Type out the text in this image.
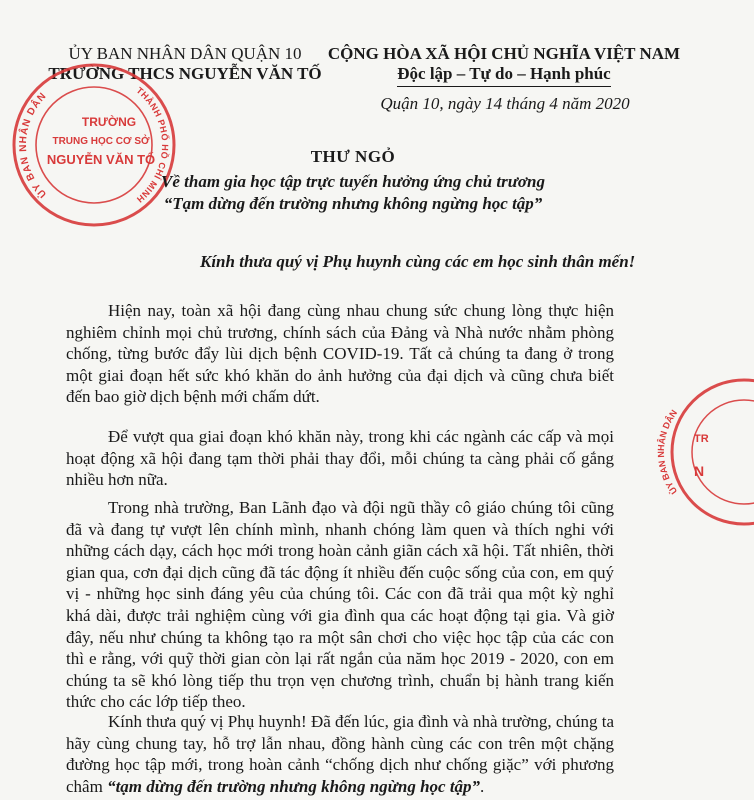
ỦY BAN NHÂN DÂN QUẬN 10
TRƯỜNG THCS NGUYỄN VĂN TỐ
CỘNG HÒA XÃ HỘI CHỦ NGHĨA VIỆT NAM
Độc lập – Tự do – Hạnh phúc
Quận 10, ngày 14 tháng 4 năm 2020
ỦY BAN NHÂN DÂN	THÀNH PHỐ HỒ CHÍ MINH
TRƯỜNG
TRUNG HỌC CƠ SỞ
NGUYỄN VĂN TỐ
ỦY BAN NHÂN DÂN
TR
N
THƯ NGỎ
Về tham gia học tập trực tuyến hưởng ứng chủ trương
“Tạm dừng đến trường nhưng không ngừng học tập”
Kính thưa quý vị Phụ huynh cùng các em học sinh thân mến!

Hiện nay, toàn xã hội đang cùng nhau chung sức chung lòng thực hiện nghiêm chỉnh mọi chủ trương, chính sách của Đảng và Nhà nước nhằm phòng chống, từng bước đẩy lùi dịch bệnh COVID-19. Tất cả chúng ta đang ở trong một giai đoạn hết sức khó khăn do ảnh hưởng của đại dịch và cũng chưa biết đến bao giờ dịch bệnh mới chấm dứt.

Để vượt qua giai đoạn khó khăn này, trong khi các ngành các cấp và mọi hoạt động xã hội đang tạm thời phải thay đổi, mỗi chúng ta càng phải cố gắng nhiều hơn nữa.

Trong nhà trường, Ban Lãnh đạo và đội ngũ thầy cô giáo chúng tôi cũng đã và đang tự vượt lên chính mình, nhanh chóng làm quen và thích nghi với những cách dạy, cách học mới trong hoàn cảnh giãn cách xã hội. Tất nhiên, thời gian qua, cơn đại dịch cũng đã tác động ít nhiều đến cuộc sống của con, em quý vị - những học sinh đáng yêu của chúng tôi. Các con đã trải qua một kỳ nghỉ khá dài, được trải nghiệm cùng với gia đình qua các hoạt động tại gia. Và giờ đây, nếu như chúng ta không tạo ra một sân chơi cho việc học tập của các con thì e rằng, với quỹ thời gian còn lại rất ngắn của năm học 2019 - 2020, con em chúng ta sẽ khó lòng tiếp thu trọn vẹn chương trình, chuẩn bị hành trang kiến thức cho các lớp tiếp theo.

Kính thưa quý vị Phụ huynh! Đã đến lúc, gia đình và nhà trường, chúng ta hãy cùng chung tay, hỗ trợ lẫn nhau, đồng hành cùng các con trên một chặng đường học tập mới, trong hoàn cảnh “chống dịch như chống giặc” với phương châm “tạm dừng đến trường nhưng không ngừng học tập”.
